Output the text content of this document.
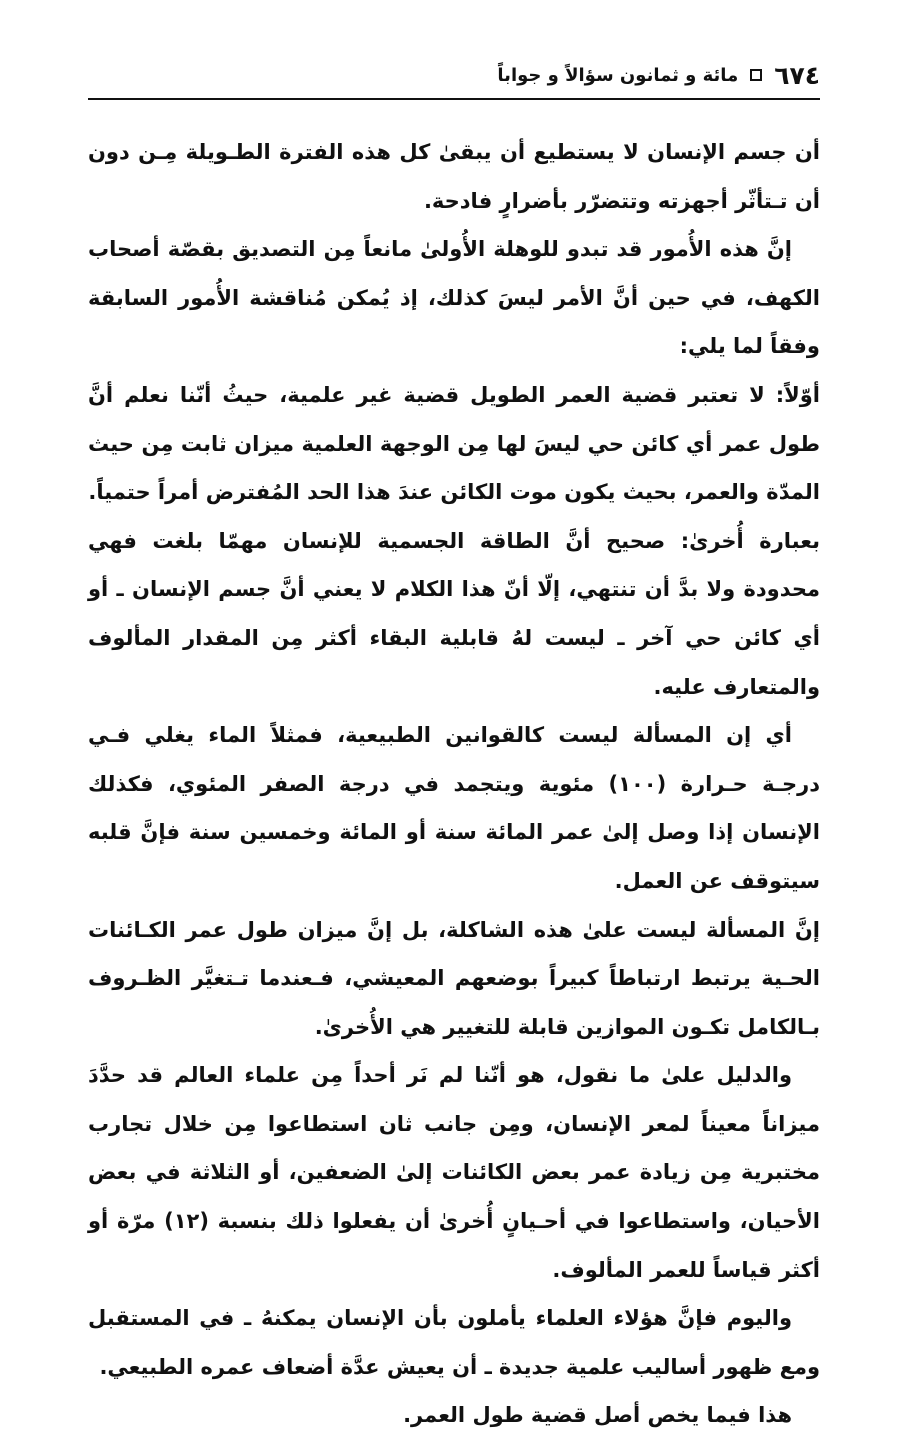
٦٧٤
مائة و ثمانون سؤالاً و جواباً

أن جسم الإنسان لا يستطيع أن يبقىٰ كل هذه الفترة الطـويلة مِـن دون أن تـتأثّر أجهزته وتتضرّر بأضرارٍ فادحة.

إنَّ هذه الأُمور قد تبدو للوهلة الأُولىٰ مانعاً مِن التصديق بقصّة أصحاب الكهف، في حين أنَّ الأمر ليسَ كذلك، إذ يُمكن مُناقشة الأُمور السابقة وفقاً لما يلي:

أوّلاً: لا تعتبر قضية العمر الطويل قضية غير علمية، حيثُ أنّنا نعلم أنَّ طول عمر أي كائن حي ليسَ لها مِن الوجهة العلمية ميزان ثابت مِن حيث المدّة والعمر، بحيث يكون موت الكائن عندَ هذا الحد المُفترض أمراً حتمياً.

بعبارة أُخرىٰ: صحيح أنَّ الطاقة الجسمية للإنسان مهمّا بلغت فهي محدودة ولا بدَّ أن تنتهي، إلّا أنّ هذا الكلام لا يعني أنَّ جسم الإنسان ـ أو أي كائن حي آخر ـ ليست لهُ قابلية البقاء أكثر مِن المقدار المألوف والمتعارف عليه.

أي إن المسألة ليست كالقوانين الطبيعية، فمثلاً الماء يغلي فـي درجـة حـرارة (١٠٠) مئوية ويتجمد في درجة الصفر المئوي، فكذلك الإنسان إذا وصل إلىٰ عمر المائة سنة أو المائة وخمسين سنة فإنَّ قلبه سيتوقف عن العمل.

إنَّ المسألة ليست علىٰ هذه الشاكلة، بل إنَّ ميزان طول عمر الكـائنات الحـية يرتبط ارتباطاً كبيراً بوضعهم المعيشي، فـعندما تـتغيَّر الظـروف بـالكامل تكـون الموازين قابلة للتغيير هي الأُخرىٰ.

والدليل علىٰ ما نقول، هو أنّنا لم نَر أحداً مِن علماء العالم قد حدَّدَ ميزاناً معيناً لمعر الإنسان، ومِن جانب ثان استطاعوا مِن خلال تجارب مختبرية مِن زيادة عمر بعض الكائنات إلىٰ الضعفين، أو الثلاثة في بعض الأحيان، واستطاعوا في أحـيانٍ أُخرىٰ أن يفعلوا ذلك بنسبة (١٢) مرّة أو أكثر قياساً للعمر المألوف.

واليوم فإنَّ هؤلاء العلماء يأملون بأن الإنسان يمكنهُ ـ في المستقبل ومع ظهور أساليب علمية جديدة ـ أن يعيش عدَّة أضعاف عمره الطبيعي.

هذا فيما يخص أصل قضية طول العمر.
